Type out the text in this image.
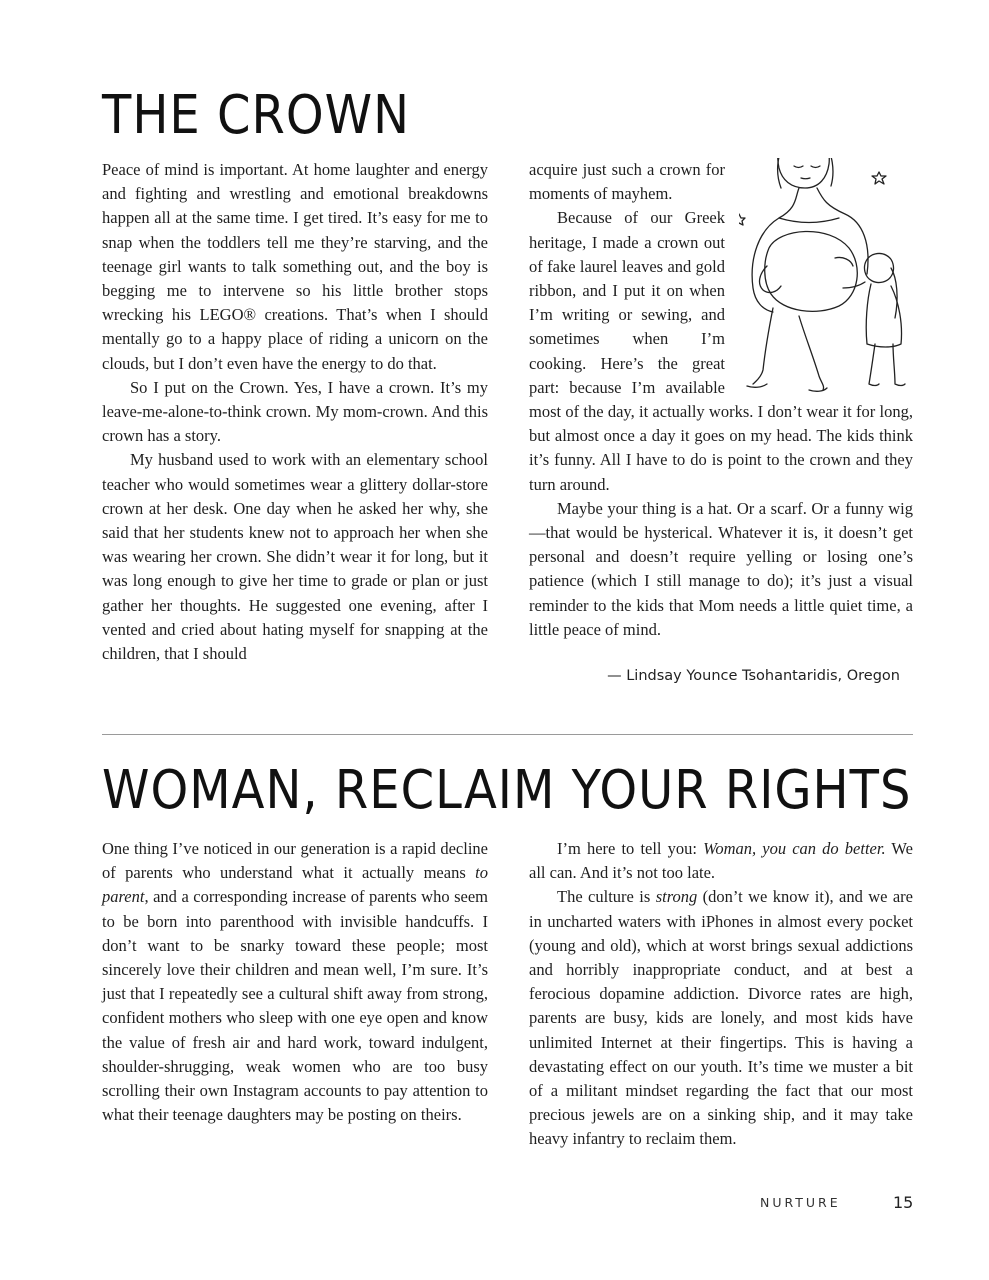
THE CROWN

Peace of mind is important. At home laughter and energy and fighting and wrestling and emotional breakdowns happen all at the same time. I get tired. It’s easy for me to snap when the toddlers tell me they’re starving, and the teenage girl wants to talk something out, and the boy is begging me to intervene so his little brother stops wrecking his LEGO® creations. That’s when I should mentally go to a happy place of riding a unicorn on the clouds, but I don’t even have the energy to do that.

So I put on the Crown. Yes, I have a crown. It’s my leave-me-alone-to-think crown. My mom-crown. And this crown has a story.

My husband used to work with an elementary school teacher who would sometimes wear a glittery dollar-store crown at her desk. One day when he asked her why, she said that her students knew not to approach her when she was wearing her crown. She didn’t wear it for long, but it was long enough to give her time to grade or plan or just gather her thoughts. He suggested one evening, after I vented and cried about hating myself for snapping at the children, that I should

acquire just such a crown for moments of mayhem.

Because of our Greek heritage, I made a crown out of fake laurel leaves and gold ribbon, and I put it on when I’m writing or sewing, and sometimes when I’m cooking. Here’s the great part: because I’m available most of the day, it actually works. I don’t wear it for long, but almost once a day it goes on my head. The kids think it’s funny. All I have to do is point to the crown and they turn around.

Maybe your thing is a hat. Or a scarf. Or a funny wig—that would be hysterical. Whatever it is, it doesn’t get personal and doesn’t require yelling or losing one’s patience (which I still manage to do); it’s just a visual reminder to the kids that Mom needs a little quiet time, a little peace of mind.

— Lindsay Younce Tsohantaridis, Oregon
WOMAN, RECLAIM YOUR RIGHTS

One thing I’ve noticed in our generation is a rapid decline of parents who understand what it actually means to parent, and a corresponding increase of parents who seem to be born into parenthood with invisible handcuffs. I don’t want to be snarky toward these people; most sincerely love their children and mean well, I’m sure. It’s just that I repeatedly see a cultural shift away from strong, confident mothers who sleep with one eye open and know the value of fresh air and hard work, toward indulgent, shoulder-shrugging, weak women who are too busy scrolling their own Instagram accounts to pay attention to what their teenage daughters may be posting on theirs.

I’m here to tell you: Woman, you can do better. We all can. And it’s not too late.

The culture is strong (don’t we know it), and we are in uncharted waters with iPhones in almost every pocket (young and old), which at worst brings sexual addictions and horribly inappropriate conduct, and at best a ferocious dopamine addiction. Divorce rates are high, parents are busy, kids are lonely, and most kids have unlimited Internet at their fingertips. This is having a devastating effect on our youth. It’s time we muster a bit of a militant mindset regarding the fact that our most precious jewels are on a sinking ship, and it may take heavy infantry to reclaim them.

NURTURE	15
